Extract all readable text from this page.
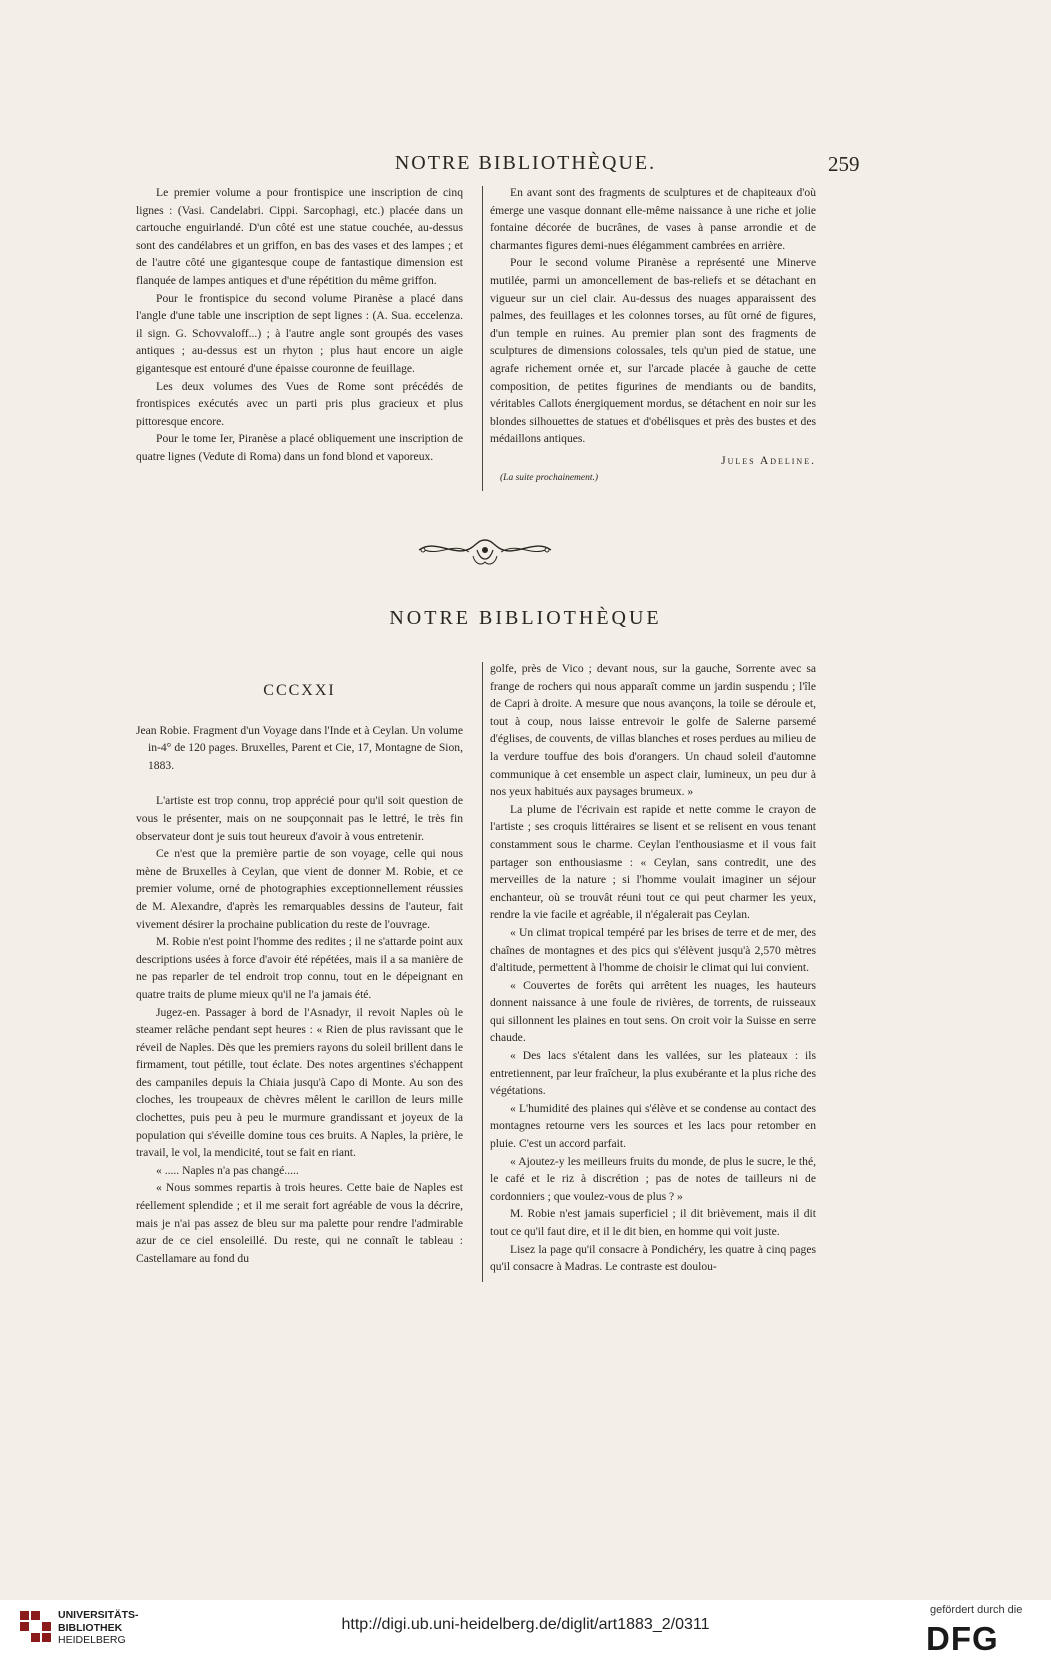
NOTRE BIBLIOTHÈQUE.	259

Le premier volume a pour frontispice une inscription de cinq lignes : (Vasi. Candelabri. Cippi. Sarcophagi, etc.) placée dans un cartouche enguirlandé. D'un côté est une statue couchée, au-dessus sont des candélabres et un griffon, en bas des vases et des lampes ; et de l'autre côté une gigantesque coupe de fantastique dimension est flanquée de lampes antiques et d'une répétition du même griffon.

Pour le frontispice du second volume Piranèse a placé dans l'angle d'une table une inscription de sept lignes : (A. Sua. eccelenza. il sign. G. Schovvaloff...) ; à l'autre angle sont groupés des vases antiques ; au-dessus est un rhyton ; plus haut encore un aigle gigantesque est entouré d'une épaisse couronne de feuillage.

Les deux volumes des Vues de Rome sont précédés de frontispices exécutés avec un parti pris plus gracieux et plus pittoresque encore.

Pour le tome Ier, Piranèse a placé obliquement une inscription de quatre lignes (Vedute di Roma) dans un fond blond et vaporeux.

En avant sont des fragments de sculptures et de chapiteaux d'où émerge une vasque donnant elle-même naissance à une riche et jolie fontaine décorée de bucrânes, de vases à panse arrondie et de charmantes figures demi-nues élégamment cambrées en arrière.

Pour le second volume Piranèse a représenté une Minerve mutilée, parmi un amoncellement de bas-reliefs et se détachant en vigueur sur un ciel clair. Au-dessus des nuages apparaissent des palmes, des feuillages et les colonnes torses, au fût orné de figures, d'un temple en ruines. Au premier plan sont des fragments de sculptures de dimensions colossales, tels qu'un pied de statue, une agrafe richement ornée et, sur l'arcade placée à gauche de cette composition, de petites figurines de mendiants ou de bandits, véritables Callots énergiquement mordus, se détachent en noir sur les blondes silhouettes de statues et d'obélisques et près des bustes et des médaillons antiques.

Jules Adeline.

(La suite prochainement.)

NOTRE BIBLIOTHÈQUE
CCCXXI

Jean Robie. Fragment d'un Voyage dans l'Inde et à Ceylan. Un volume in-4° de 120 pages. Bruxelles, Parent et Cie, 17, Montagne de Sion, 1883.

L'artiste est trop connu, trop apprécié pour qu'il soit question de vous le présenter, mais on ne soupçonnait pas le lettré, le très fin observateur dont je suis tout heureux d'avoir à vous entretenir.

Ce n'est que la première partie de son voyage, celle qui nous mène de Bruxelles à Ceylan, que vient de donner M. Robie, et ce premier volume, orné de photographies exceptionnellement réussies de M. Alexandre, d'après les remarquables dessins de l'auteur, fait vivement désirer la prochaine publication du reste de l'ouvrage.

M. Robie n'est point l'homme des redites ; il ne s'attarde point aux descriptions usées à force d'avoir été répétées, mais il a sa manière de ne pas reparler de tel endroit trop connu, tout en le dépeignant en quatre traits de plume mieux qu'il ne l'a jamais été.

Jugez-en. Passager à bord de l'Asnadyr, il revoit Naples où le steamer relâche pendant sept heures : « Rien de plus ravissant que le réveil de Naples. Dès que les premiers rayons du soleil brillent dans le firmament, tout pétille, tout éclate. Des notes argentines s'échappent des campaniles depuis la Chiaia jusqu'à Capo di Monte. Au son des cloches, les troupeaux de chèvres mêlent le carillon de leurs mille clochettes, puis peu à peu le murmure grandissant et joyeux de la population qui s'éveille domine tous ces bruits. A Naples, la prière, le travail, le vol, la mendicité, tout se fait en riant.

« ..... Naples n'a pas changé.....

« Nous sommes repartis à trois heures. Cette baie de Naples est réellement splendide ; et il me serait fort agréable de vous la décrire, mais je n'ai pas assez de bleu sur ma palette pour rendre l'admirable azur de ce ciel ensoleillé. Du reste, qui ne connaît le tableau : Castellamare au fond du

golfe, près de Vico ; devant nous, sur la gauche, Sorrente avec sa frange de rochers qui nous apparaît comme un jardin suspendu ; l'île de Capri à droite. A mesure que nous avançons, la toile se déroule et, tout à coup, nous laisse entrevoir le golfe de Salerne parsemé d'églises, de couvents, de villas blanches et roses perdues au milieu de la verdure touffue des bois d'orangers. Un chaud soleil d'automne communique à cet ensemble un aspect clair, lumineux, un peu dur à nos yeux habitués aux paysages brumeux. »

La plume de l'écrivain est rapide et nette comme le crayon de l'artiste ; ses croquis littéraires se lisent et se relisent en vous tenant constamment sous le charme. Ceylan l'enthousiasme et il vous fait partager son enthousiasme : « Ceylan, sans contredit, une des merveilles de la nature ; si l'homme voulait imaginer un séjour enchanteur, où se trouvât réuni tout ce qui peut charmer les yeux, rendre la vie facile et agréable, il n'égalerait pas Ceylan.

« Un climat tropical tempéré par les brises de terre et de mer, des chaînes de montagnes et des pics qui s'élèvent jusqu'à 2,570 mètres d'altitude, permettent à l'homme de choisir le climat qui lui convient.

« Couvertes de forêts qui arrêtent les nuages, les hauteurs donnent naissance à une foule de rivières, de torrents, de ruisseaux qui sillonnent les plaines en tout sens. On croit voir la Suisse en serre chaude.

« Des lacs s'étalent dans les vallées, sur les plateaux : ils entretiennent, par leur fraîcheur, la plus exubérante et la plus riche des végétations.

« L'humidité des plaines qui s'élève et se condense au contact des montagnes retourne vers les sources et les lacs pour retomber en pluie. C'est un accord parfait.

« Ajoutez-y les meilleurs fruits du monde, de plus le sucre, le thé, le café et le riz à discrétion ; pas de notes de tailleurs ni de cordonniers ; que voulez-vous de plus ? »

M. Robie n'est jamais superficiel ; il dit brièvement, mais il dit tout ce qu'il faut dire, et il le dit bien, en homme qui voit juste.

Lisez la page qu'il consacre à Pondichéry, les quatre à cinq pages qu'il consacre à Madras. Le contraste est doulou-

UNIVERSITÄTS-
BIBLIOTHEK
HEIDELBERG
http://digi.ub.uni-heidelberg.de/diglit/art1883_2/0311
gefördert durch die
DFG
